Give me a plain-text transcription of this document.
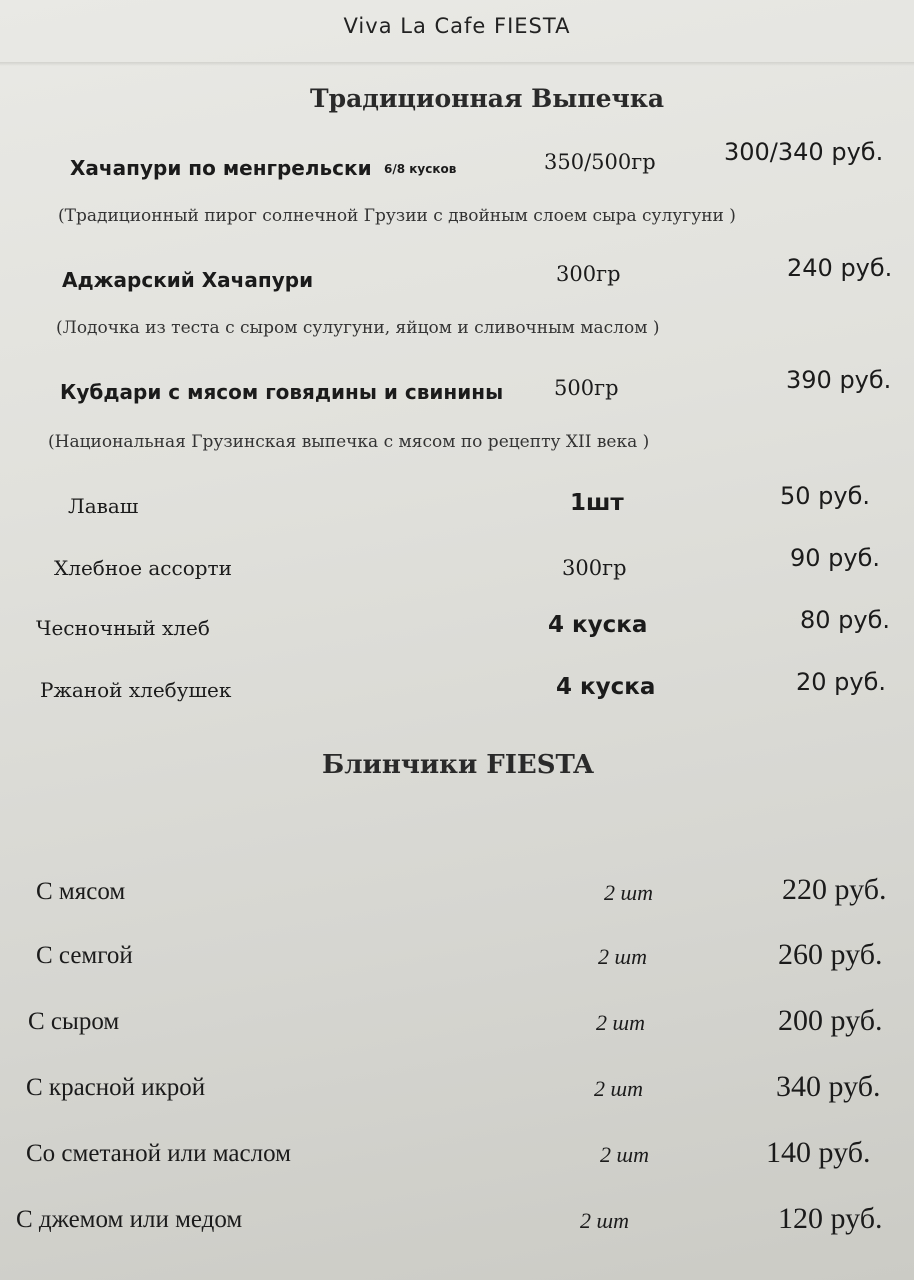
Viva La Cafe FIESTA
Традиционная Выпечка
Хачапури по менгрельски 6/8 кусков	350/500гр	300/340 руб.
(Традиционный пирог солнечной Грузии с двойным слоем сыра сулугуни )
Аджарский Хачапури	300гр	240 руб.
(Лодочка из теста с сыром сулугуни, яйцом и сливочным маслом )
Кубдари с мясом говядины и свинины 500гр	390 руб.
(Национальная Грузинская выпечка с мясом по рецепту XII века )
Лаваш	1шт	50 руб.
Хлебное ассорти	300гр	90 руб.
Чесночный хлеб	4 куска	80 руб.
Ржаной хлебушек	4 куска	20 руб.
Блинчики FIESTA
С мясом	2 шт	220 руб.
С семгой	2 шт	260 руб.
С сыром	2 шт	200 руб.
С красной икрой	2 шт	340 руб.
Со сметаной или маслом	2 шт	140 руб.
С джемом или медом	2 шт	120 руб.
